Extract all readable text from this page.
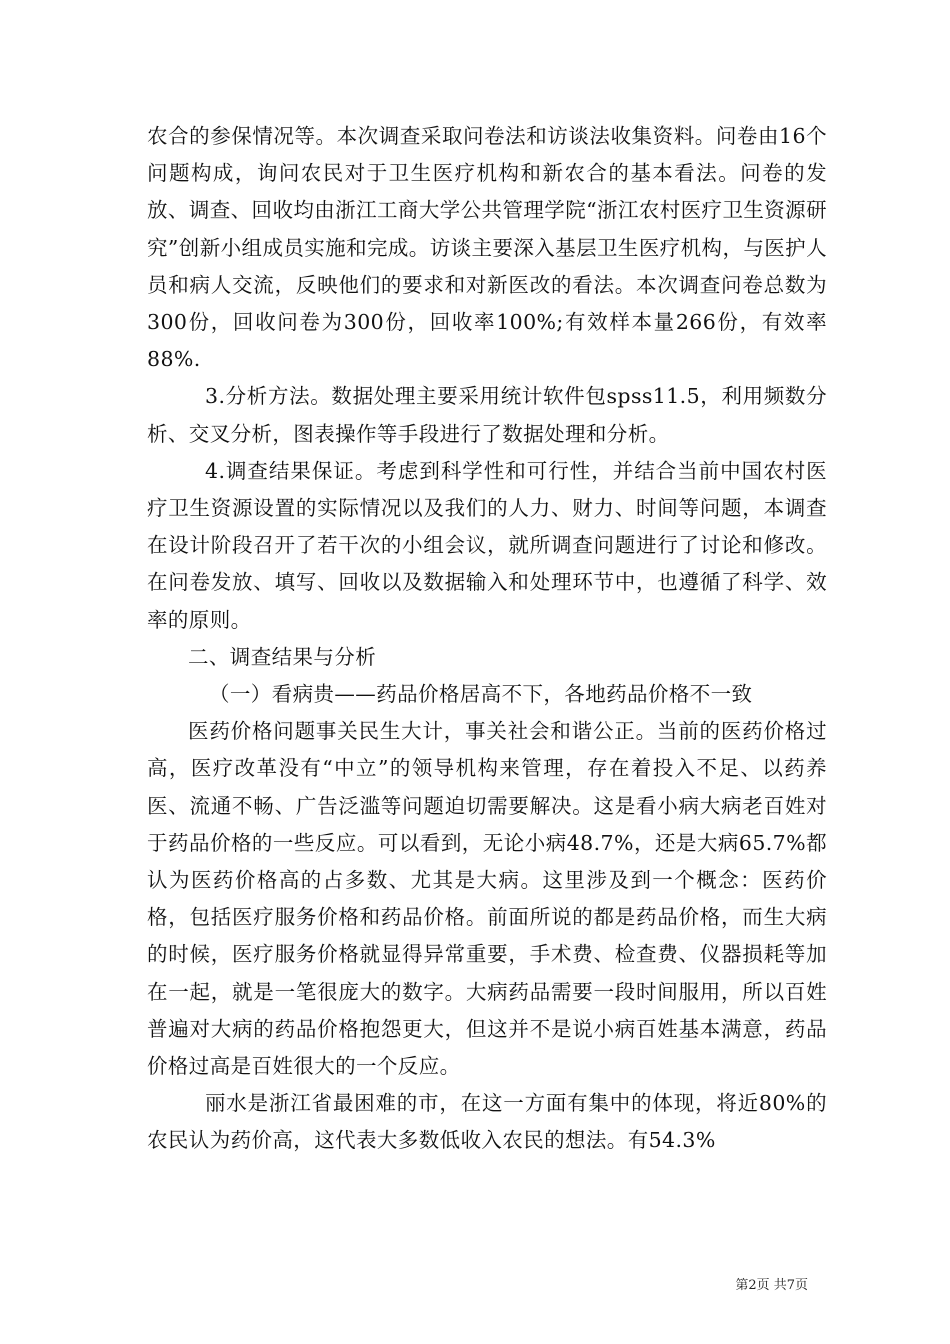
农合的参保情况等。本次调查采取问卷法和访谈法收集资料。问卷由16个问题构成，询问农民对于卫生医疗机构和新农合的基本看法。问卷的发放、调查、回收均由浙江工商大学公共管理学院“浙江农村医疗卫生资源研究”创新小组成员实施和完成。访谈主要深入基层卫生医疗机构，与医护人员和病人交流，反映他们的要求和对新医改的看法。本次调查问卷总数为300份，回收问卷为300份，回收率100%;有效样本量266份，有效率88%.

3.分析方法。数据处理主要采用统计软件包spss11.5，利用频数分析、交叉分析，图表操作等手段进行了数据处理和分析。

4.调查结果保证。考虑到科学性和可行性，并结合当前中国农村医疗卫生资源设置的实际情况以及我们的人力、财力、时间等问题，本调查在设计阶段召开了若干次的小组会议，就所调查问题进行了讨论和修改。在问卷发放、填写、回收以及数据输入和处理环节中，也遵循了科学、效率的原则。

二、调查结果与分析

（一）看病贵——药品价格居高不下，各地药品价格不一致

医药价格问题事关民生大计，事关社会和谐公正。当前的医药价格过高，医疗改革没有“中立”的领导机构来管理，存在着投入不足、以药养医、流通不畅、广告泛滥等问题迫切需要解决。这是看小病大病老百姓对于药品价格的一些反应。可以看到，无论小病48.7%，还是大病65.7%都认为医药价格高的占多数、尤其是大病。这里涉及到一个概念：医药价格，包括医疗服务价格和药品价格。前面所说的都是药品价格，而生大病的时候，医疗服务价格就显得异常重要，手术费、检查费、仪器损耗等加在一起，就是一笔很庞大的数字。大病药品需要一段时间服用，所以百姓普遍对大病的药品价格抱怨更大，但这并不是说小病百姓基本满意，药品价格过高是百姓很大的一个反应。

丽水是浙江省最困难的市，在这一方面有集中的体现，将近80%的农民认为药价高，这代表大多数低收入农民的想法。有54.3%

第2页 共7页
